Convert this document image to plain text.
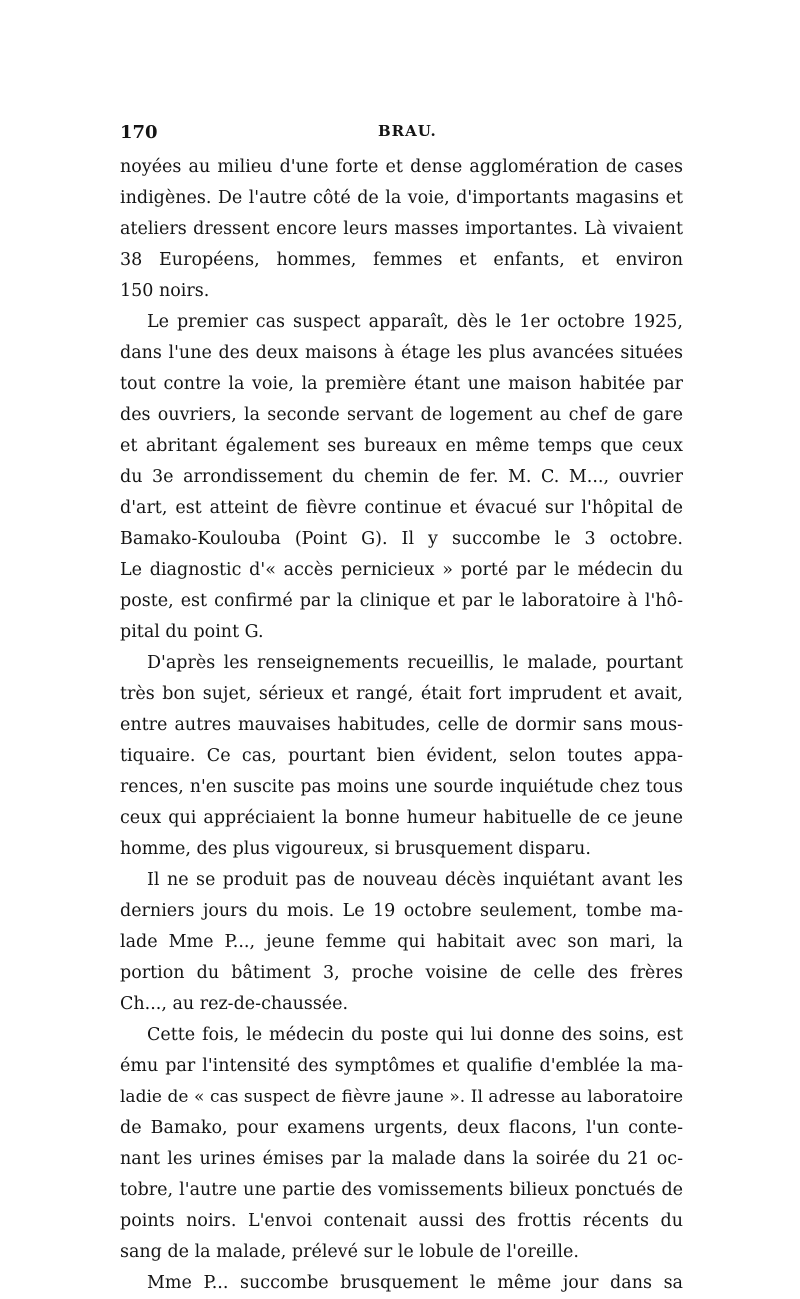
170	BRAU.
noyées au milieu d'une forte et dense agglomération de cases
indigènes. De l'autre côté de la voie, d'importants magasins et
ateliers dressent encore leurs masses importantes. Là vivaient
38 Européens, hommes, femmes et enfants, et environ
150 noirs.
Le premier cas suspect apparaît, dès le 1er octobre 1925,
dans l'une des deux maisons à étage les plus avancées situées
tout contre la voie, la première étant une maison habitée par
des ouvriers, la seconde servant de logement au chef de gare
et abritant également ses bureaux en même temps que ceux
du 3e arrondissement du chemin de fer. M. C. M..., ouvrier
d'art, est atteint de fièvre continue et évacué sur l'hôpital de
Bamako-Koulouba (Point G). Il y succombe le 3 octobre.
Le diagnostic d'« accès pernicieux » porté par le médecin du
poste, est confirmé par la clinique et par le laboratoire à l'hô-
pital du point G.
D'après les renseignements recueillis, le malade, pourtant
très bon sujet, sérieux et rangé, était fort imprudent et avait,
entre autres mauvaises habitudes, celle de dormir sans mous-
tiquaire. Ce cas, pourtant bien évident, selon toutes appa-
rences, n'en suscite pas moins une sourde inquiétude chez tous
ceux qui appréciaient la bonne humeur habituelle de ce jeune
homme, des plus vigoureux, si brusquement disparu.
Il ne se produit pas de nouveau décès inquiétant avant les
derniers jours du mois. Le 19 octobre seulement, tombe ma-
lade Mme P..., jeune femme qui habitait avec son mari, la
portion du bâtiment 3, proche voisine de celle des frères
Ch..., au rez-de-chaussée.
Cette fois, le médecin du poste qui lui donne des soins, est
ému par l'intensité des symptômes et qualifie d'emblée la ma-
ladie de « cas suspect de fièvre jaune ». Il adresse au laboratoire
de Bamako, pour examens urgents, deux flacons, l'un conte-
nant les urines émises par la malade dans la soirée du 21 oc-
tobre, l'autre une partie des vomissements bilieux ponctués de
points noirs. L'envoi contenait aussi des frottis récents du
sang de la malade, prélevé sur le lobule de l'oreille.
Mme P... succombe brusquement le même jour dans sa
